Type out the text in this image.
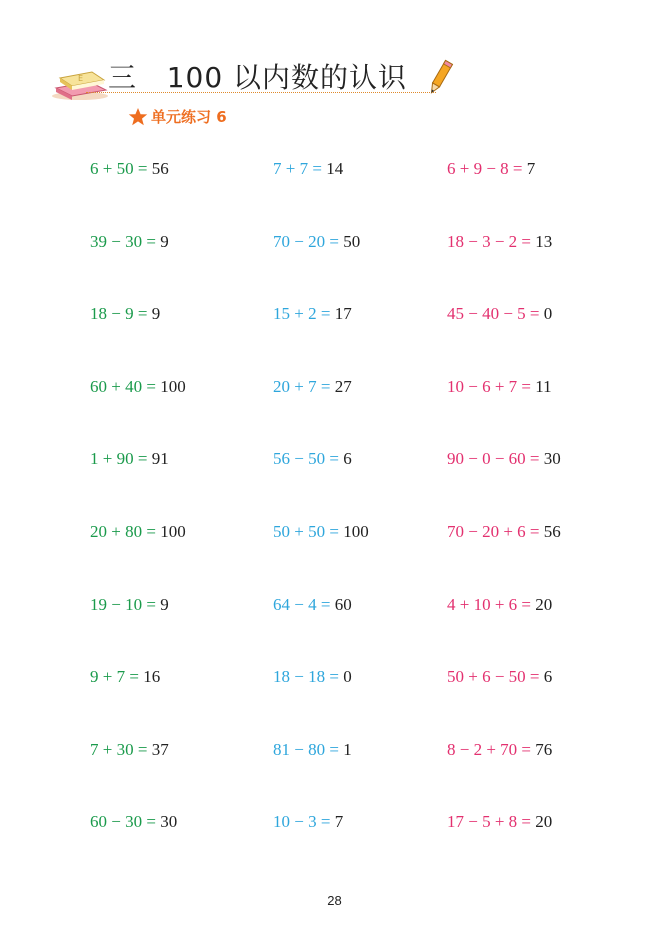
E 三   100 以内数的认识
单元练习 6
6 + 50 = 56	7 + 7 = 14	6 + 9 − 8 = 7
39 − 30 = 9	70 − 20 = 50	18 − 3 − 2 = 13
18 − 9 = 9	15 + 2 = 17	45 − 40 − 5 = 0
60 + 40 = 100	20 + 7 = 27	10 − 6 + 7 = 11
1 + 90 = 91	56 − 50 = 6	90 − 0 − 60 = 30
20 + 80 = 100	50 + 50 = 100	70 − 20 + 6 = 56
19 − 10 = 9	64 − 4 = 60	4 + 10 + 6 = 20
9 + 7 = 16	18 − 18 = 0	50 + 6 − 50 = 6
7 + 30 = 37	81 − 80 = 1	8 − 2 + 70 = 76
60 − 30 = 30	10 − 3 = 7	17 − 5 + 8 = 20
28
